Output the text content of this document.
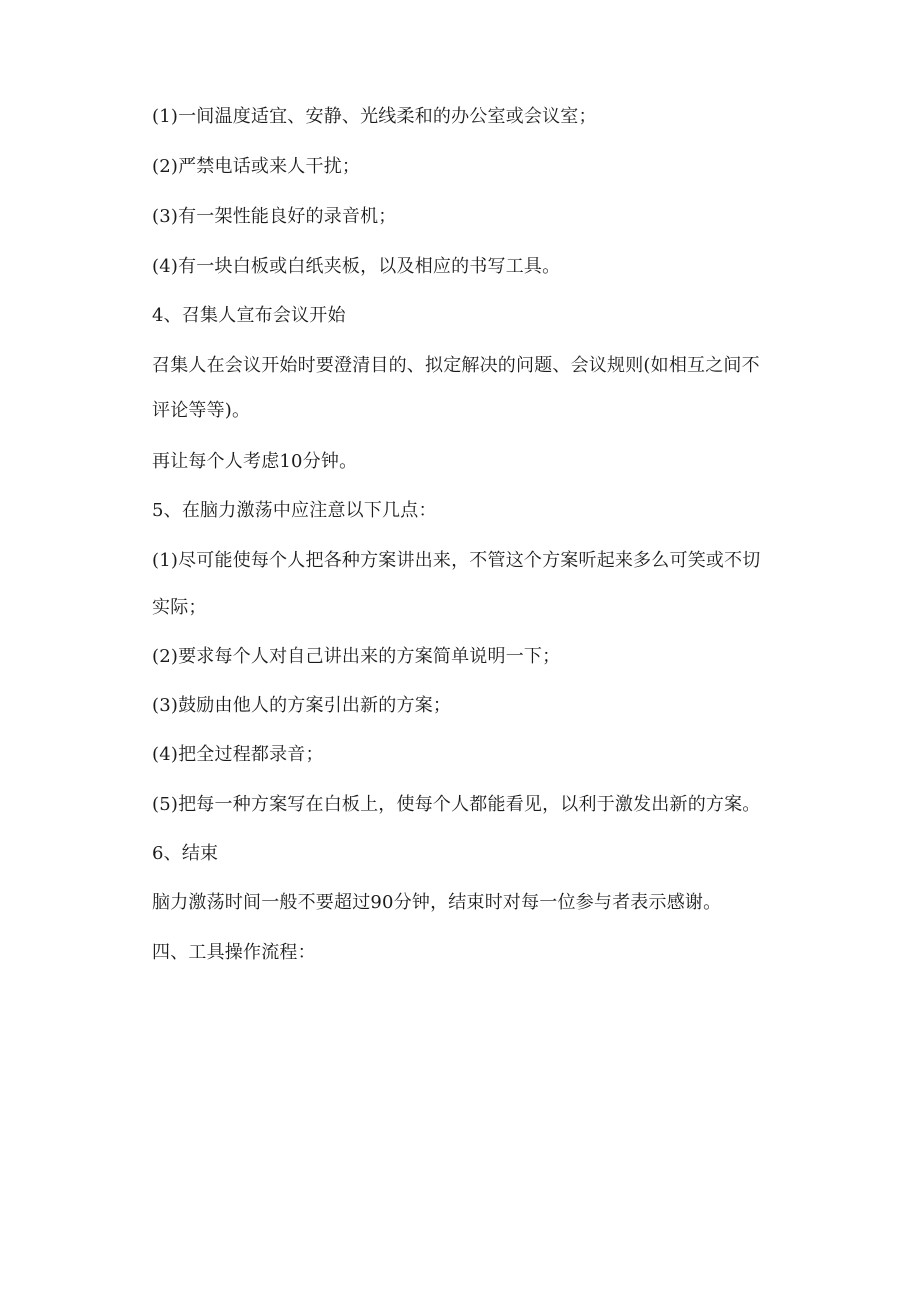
(1)一间温度适宜、安静、光线柔和的办公室或会议室；
(2)严禁电话或来人干扰；
(3)有一架性能良好的录音机；
(4)有一块白板或白纸夹板，以及相应的书写工具。
4、召集人宣布会议开始
召集人在会议开始时要澄清目的、拟定解决的问题、会议规则(如相互之间不
评论等等)。
再让每个人考虑10分钟。
5、在脑力激荡中应注意以下几点：
(1)尽可能使每个人把各种方案讲出来，不管这个方案听起来多么可笑或不切
实际；
(2)要求每个人对自己讲出来的方案简单说明一下；
(3)鼓励由他人的方案引出新的方案；
(4)把全过程都录音；
(5)把每一种方案写在白板上，使每个人都能看见，以利于激发出新的方案。
6、结束
脑力激荡时间一般不要超过90分钟，结束时对每一位参与者表示感谢。
四、工具操作流程：
